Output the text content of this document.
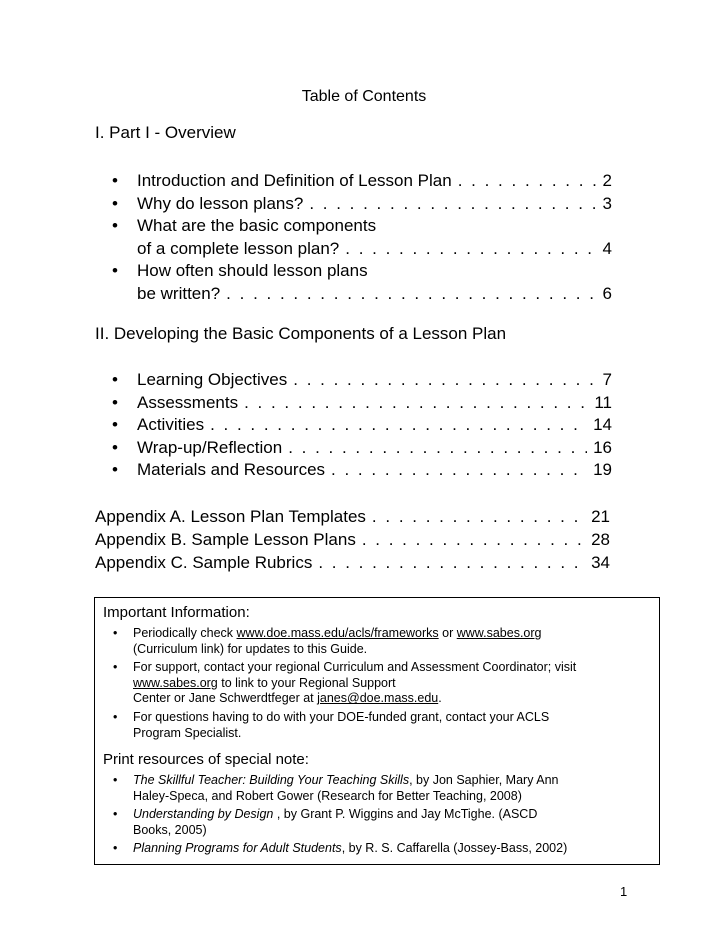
Table of Contents
I. Part I - Overview
• Introduction and Definition of Lesson Plan . . .	2
• Why do lesson plans? . . .	3
• What are the basic components
of a complete lesson plan? . . .	4
• How often should lesson plans
be written? . . .	6
II. Developing the Basic Components of a Lesson Plan
• Learning Objectives . . .	7
• Assessments . . .	11
• Activities . . .	14
• Wrap-up/Reflection . . .	16
• Materials and Resources . . .	19
Appendix A. Lesson Plan Templates . . .	21
Appendix B. Sample Lesson Plans . . .	28
Appendix C. Sample Rubrics . . .	34
Important Information:
• Periodically check www.doe.mass.edu/acls/frameworks or www.sabes.org
(Curriculum link) for updates to this Guide.
• For support, contact your regional Curriculum and Assessment Coordinator; visit
www.sabes.org to link to your Regional Support
Center or Jane Schwerdtfeger at janes@doe.mass.edu.
• For questions having to do with your DOE-funded grant, contact your ACLS
Program Specialist.
Print resources of special note:
• The Skillful Teacher: Building Your Teaching Skills, by Jon Saphier, Mary Ann
Haley-Speca, and Robert Gower (Research for Better Teaching, 2008)
• Understanding by Design , by Grant P. Wiggins and Jay McTighe. (ASCD
Books, 2005)
• Planning Programs for Adult Students, by R. S. Caffarella (Jossey-Bass, 2002)
1
